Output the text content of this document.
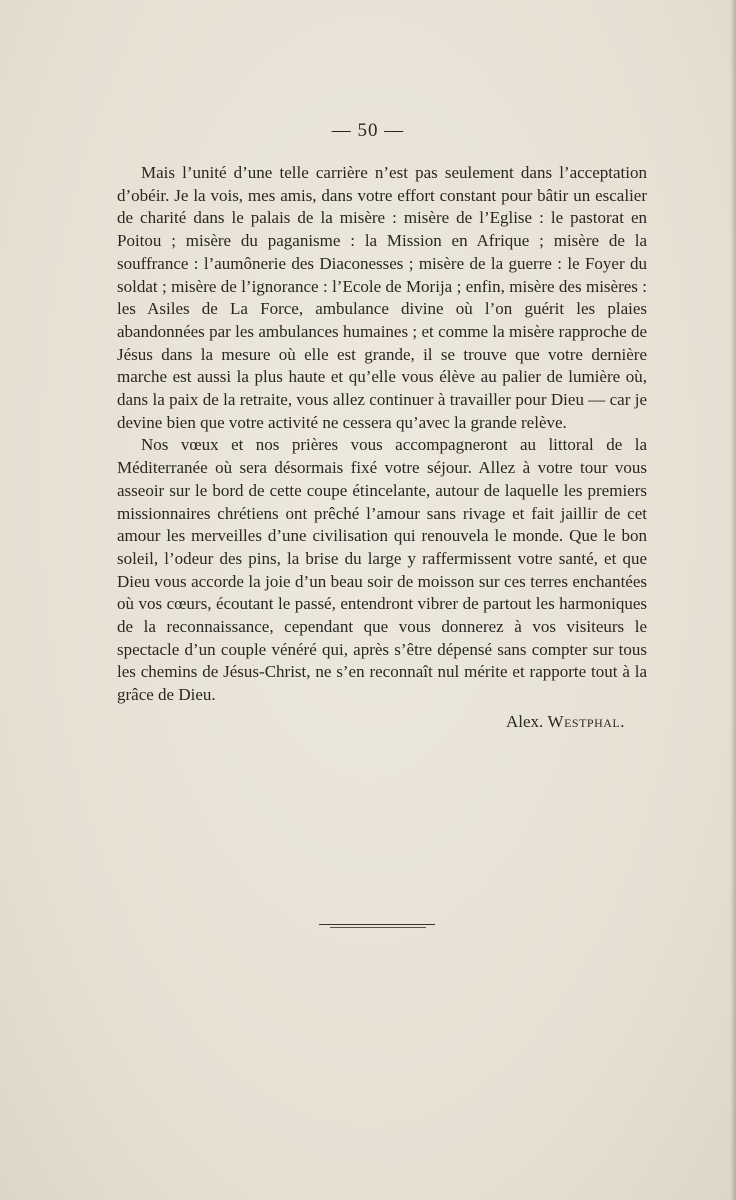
— 50 —

Mais l’unité d’une telle carrière n’est pas seulement dans l’acceptation d’obéir. Je la vois, mes amis, dans votre effort constant pour bâtir un escalier de charité dans le palais de la misère : misère de l’Eglise : le pastorat en Poitou ; misère du paganisme : la Mission en Afrique ; misère de la souffrance : l’aumônerie des Diaconesses ; misère de la guerre : le Foyer du soldat ; misère de l’ignorance : l’Ecole de Morija ; enfin, misère des misères : les Asiles de La Force, ambulance divine où l’on guérit les plaies abandonnées par les ambulances humaines ; et comme la misère rapproche de Jésus dans la mesure où elle est grande, il se trouve que votre dernière marche est aussi la plus haute et qu’elle vous élève au palier de lumière où, dans la paix de la retraite, vous allez continuer à travailler pour Dieu — car je devine bien que votre activité ne cessera qu’avec la grande relève.

Nos vœux et nos prières vous accompagneront au littoral de la Méditerranée où sera désormais fixé votre séjour. Allez à votre tour vous asseoir sur le bord de cette coupe étincelante, autour de laquelle les premiers missionnaires chrétiens ont prêché l’amour sans rivage et fait jaillir de cet amour les merveilles d’une civilisation qui renouvela le monde. Que le bon soleil, l’odeur des pins, la brise du large y raffermissent votre santé, et que Dieu vous accorde la joie d’un beau soir de moisson sur ces terres enchantées où vos cœurs, écoutant le passé, entendront vibrer de partout les harmoniques de la reconnaissance, cependant que vous donnerez à vos visiteurs le spectacle d’un couple vénéré qui, après s’être dépensé sans compter sur tous les chemins de Jésus-Christ, ne s’en reconnaît nul mérite et rapporte tout à la grâce de Dieu.

Alex. Westphal.
